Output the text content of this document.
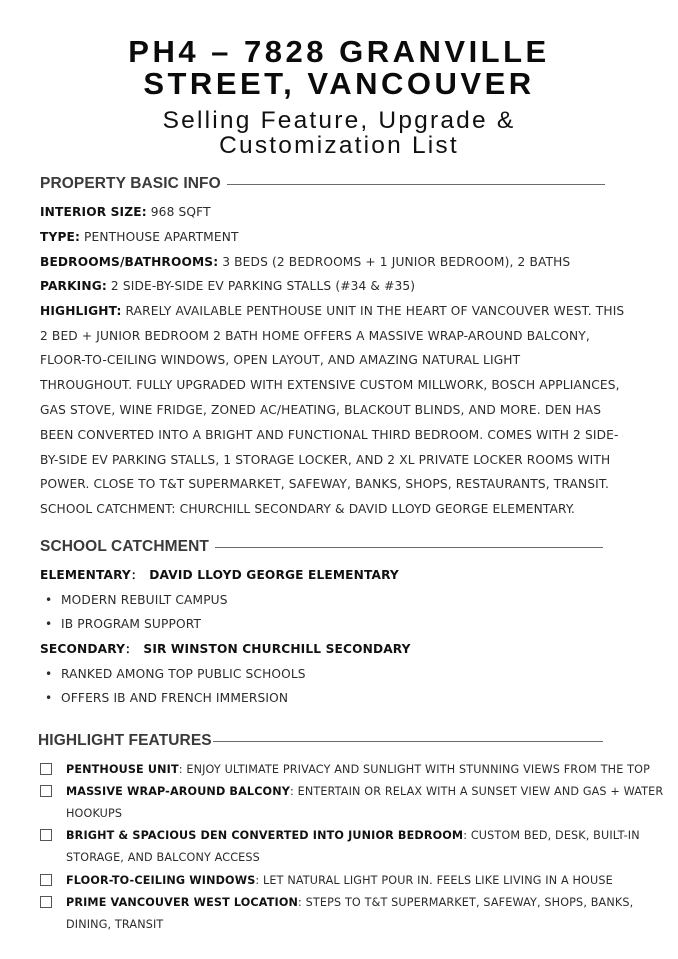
PH4 – 7828 GRANVILLE
STREET, VANCOUVER
Selling Feature, Upgrade &
Customization List
PROPERTY BASIC INFO
INTERIOR SIZE: 968 SQFT
TYPE: PENTHOUSE APARTMENT
BEDROOMS/BATHROOMS: 3 BEDS (2 BEDROOMS + 1 JUNIOR BEDROOM), 2 BATHS
PARKING: 2 SIDE-BY-SIDE EV PARKING STALLS (#34 & #35)
HIGHLIGHT: RARELY AVAILABLE PENTHOUSE UNIT IN THE HEART OF VANCOUVER WEST. THIS
2 BED + JUNIOR BEDROOM 2 BATH HOME OFFERS A MASSIVE WRAP-AROUND BALCONY,
FLOOR-TO-CEILING WINDOWS, OPEN LAYOUT, AND AMAZING NATURAL LIGHT
THROUGHOUT. FULLY UPGRADED WITH EXTENSIVE CUSTOM MILLWORK, BOSCH APPLIANCES,
GAS STOVE, WINE FRIDGE, ZONED AC/HEATING, BLACKOUT BLINDS, AND MORE. DEN HAS
BEEN CONVERTED INTO A BRIGHT AND FUNCTIONAL THIRD BEDROOM. COMES WITH 2 SIDE-
BY-SIDE EV PARKING STALLS, 1 STORAGE LOCKER, AND 2 XL PRIVATE LOCKER ROOMS WITH
POWER. CLOSE TO T&T SUPERMARKET, SAFEWAY, BANKS, SHOPS, RESTAURANTS, TRANSIT.
SCHOOL CATCHMENT: CHURCHILL SECONDARY & DAVID LLOYD GEORGE ELEMENTARY.
SCHOOL CATCHMENT
ELEMENTARY： DAVID LLOYD GEORGE ELEMENTARY
• MODERN REBUILT CAMPUS
• IB PROGRAM SUPPORT
SECONDARY： SIR WINSTON CHURCHILL SECONDARY
• RANKED AMONG TOP PUBLIC SCHOOLS
• OFFERS IB AND FRENCH IMMERSION
HIGHLIGHT FEATURES
PENTHOUSE UNIT: ENJOY ULTIMATE PRIVACY AND SUNLIGHT WITH STUNNING VIEWS FROM THE TOP
MASSIVE WRAP-AROUND BALCONY: ENTERTAIN OR RELAX WITH A SUNSET VIEW AND GAS + WATER
HOOKUPS
BRIGHT & SPACIOUS DEN CONVERTED INTO JUNIOR BEDROOM: CUSTOM BED, DESK, BUILT-IN
STORAGE, AND BALCONY ACCESS
FLOOR-TO-CEILING WINDOWS: LET NATURAL LIGHT POUR IN. FEELS LIKE LIVING IN A HOUSE
PRIME VANCOUVER WEST LOCATION: STEPS TO T&T SUPERMARKET, SAFEWAY, SHOPS, BANKS,
DINING, TRANSIT
